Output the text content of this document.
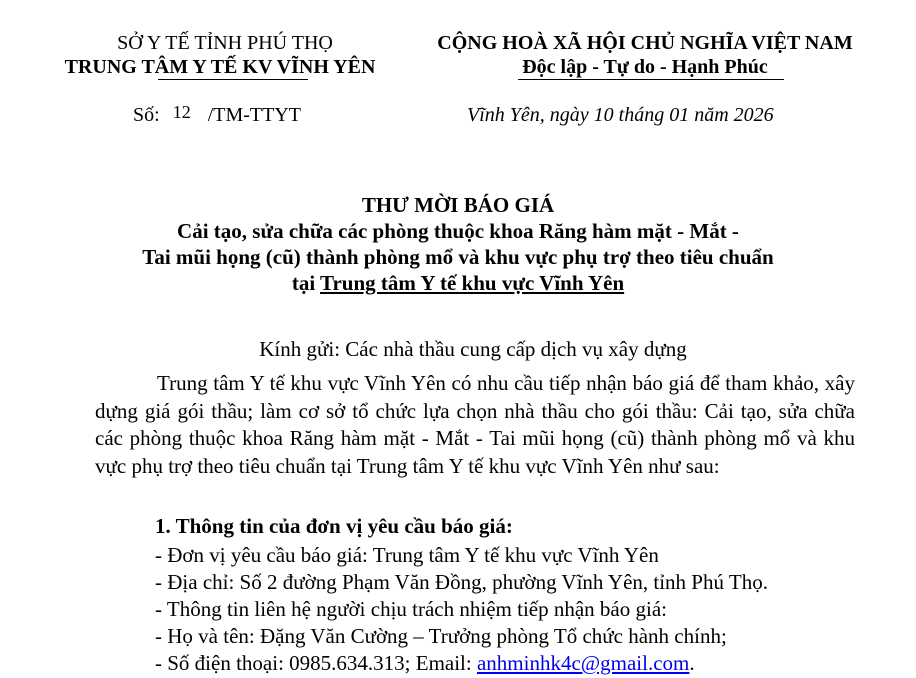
SỞ Y TẾ TỈNH PHÚ THỌ
TRUNG TÂM Y TẾ KV VĨNH YÊN
CỘNG HOÀ XÃ HỘI CHỦ NGHĨA VIỆT NAM
Độc lập - Tự do - Hạnh Phúc
Số: 12 /TM-TTYT	Vĩnh Yên, ngày 10 tháng 01 năm 2026
THƯ MỜI BÁO GIÁ
Cải tạo, sửa chữa các phòng thuộc khoa Răng hàm mặt - Mắt -
Tai mũi họng (cũ) thành phòng mổ và khu vực phụ trợ theo tiêu chuẩn
tại Trung tâm Y tế khu vực Vĩnh Yên
Kính gửi: Các nhà thầu cung cấp dịch vụ xây dựng
Trung tâm Y tế khu vực Vĩnh Yên có nhu cầu tiếp nhận báo giá để tham khảo, xây dựng giá gói thầu; làm cơ sở tổ chức lựa chọn nhà thầu cho gói thầu: Cải tạo, sửa chữa các phòng thuộc khoa Răng hàm mặt - Mắt - Tai mũi họng (cũ) thành phòng mổ và khu vực phụ trợ theo tiêu chuẩn tại Trung tâm Y tế khu vực Vĩnh Yên như sau:
1. Thông tin của đơn vị yêu cầu báo giá:
- Đơn vị yêu cầu báo giá: Trung tâm Y tế khu vực Vĩnh Yên
- Địa chỉ: Số 2 đường Phạm Văn Đồng, phường Vĩnh Yên, tỉnh Phú Thọ.
- Thông tin liên hệ người chịu trách nhiệm tiếp nhận báo giá:
- Họ và tên: Đặng Văn Cường – Trưởng phòng Tổ chức hành chính;
- Số điện thoại: 0985.634.313; Email: anhminhk4c@gmail.com.
